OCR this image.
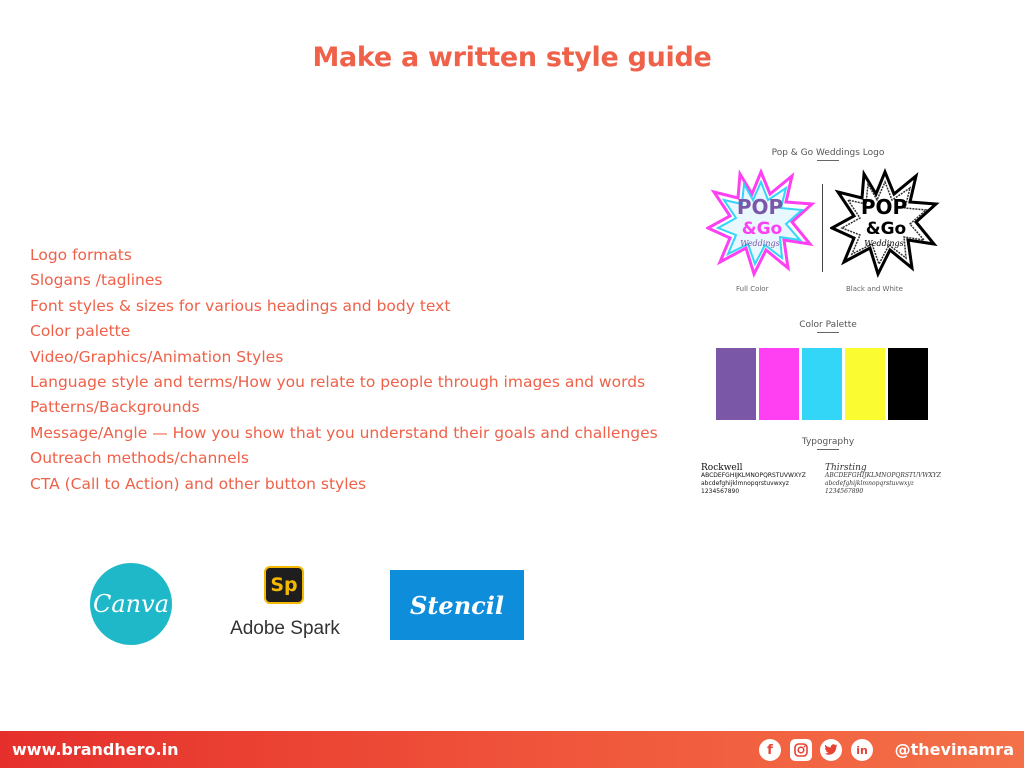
Make a written style guide
Logo formats
Slogans /taglines
Font styles & sizes for various headings and body text
Color palette
Video/Graphics/Animation Styles
Language style and terms/How you relate to people through images and words
Patterns/Backgrounds
Message/Angle — How you show that you understand their goals and challenges
Outreach methods/channels
CTA (Call to Action) and other button styles
Pop & Go Weddings Logo
POP
&Go
Weddings
POP
&Go
Weddings
Full Color	Black and White
Color Palette
Typography
Rockwell
ABCDEFGHIJKLMNOPQRSTUVWXYZ
abcdefghijklmnopqrstuvwxyz
1234567890
Thirsting
ABCDEFGHIJKLMNOPQRSTUVWXYZ
abcdefghijklmnopqrstuvwxyz
1234567890
Canva
Sp
Adobe Spark
Stencil
www.brandhero.in	f	in	@thevinamra
